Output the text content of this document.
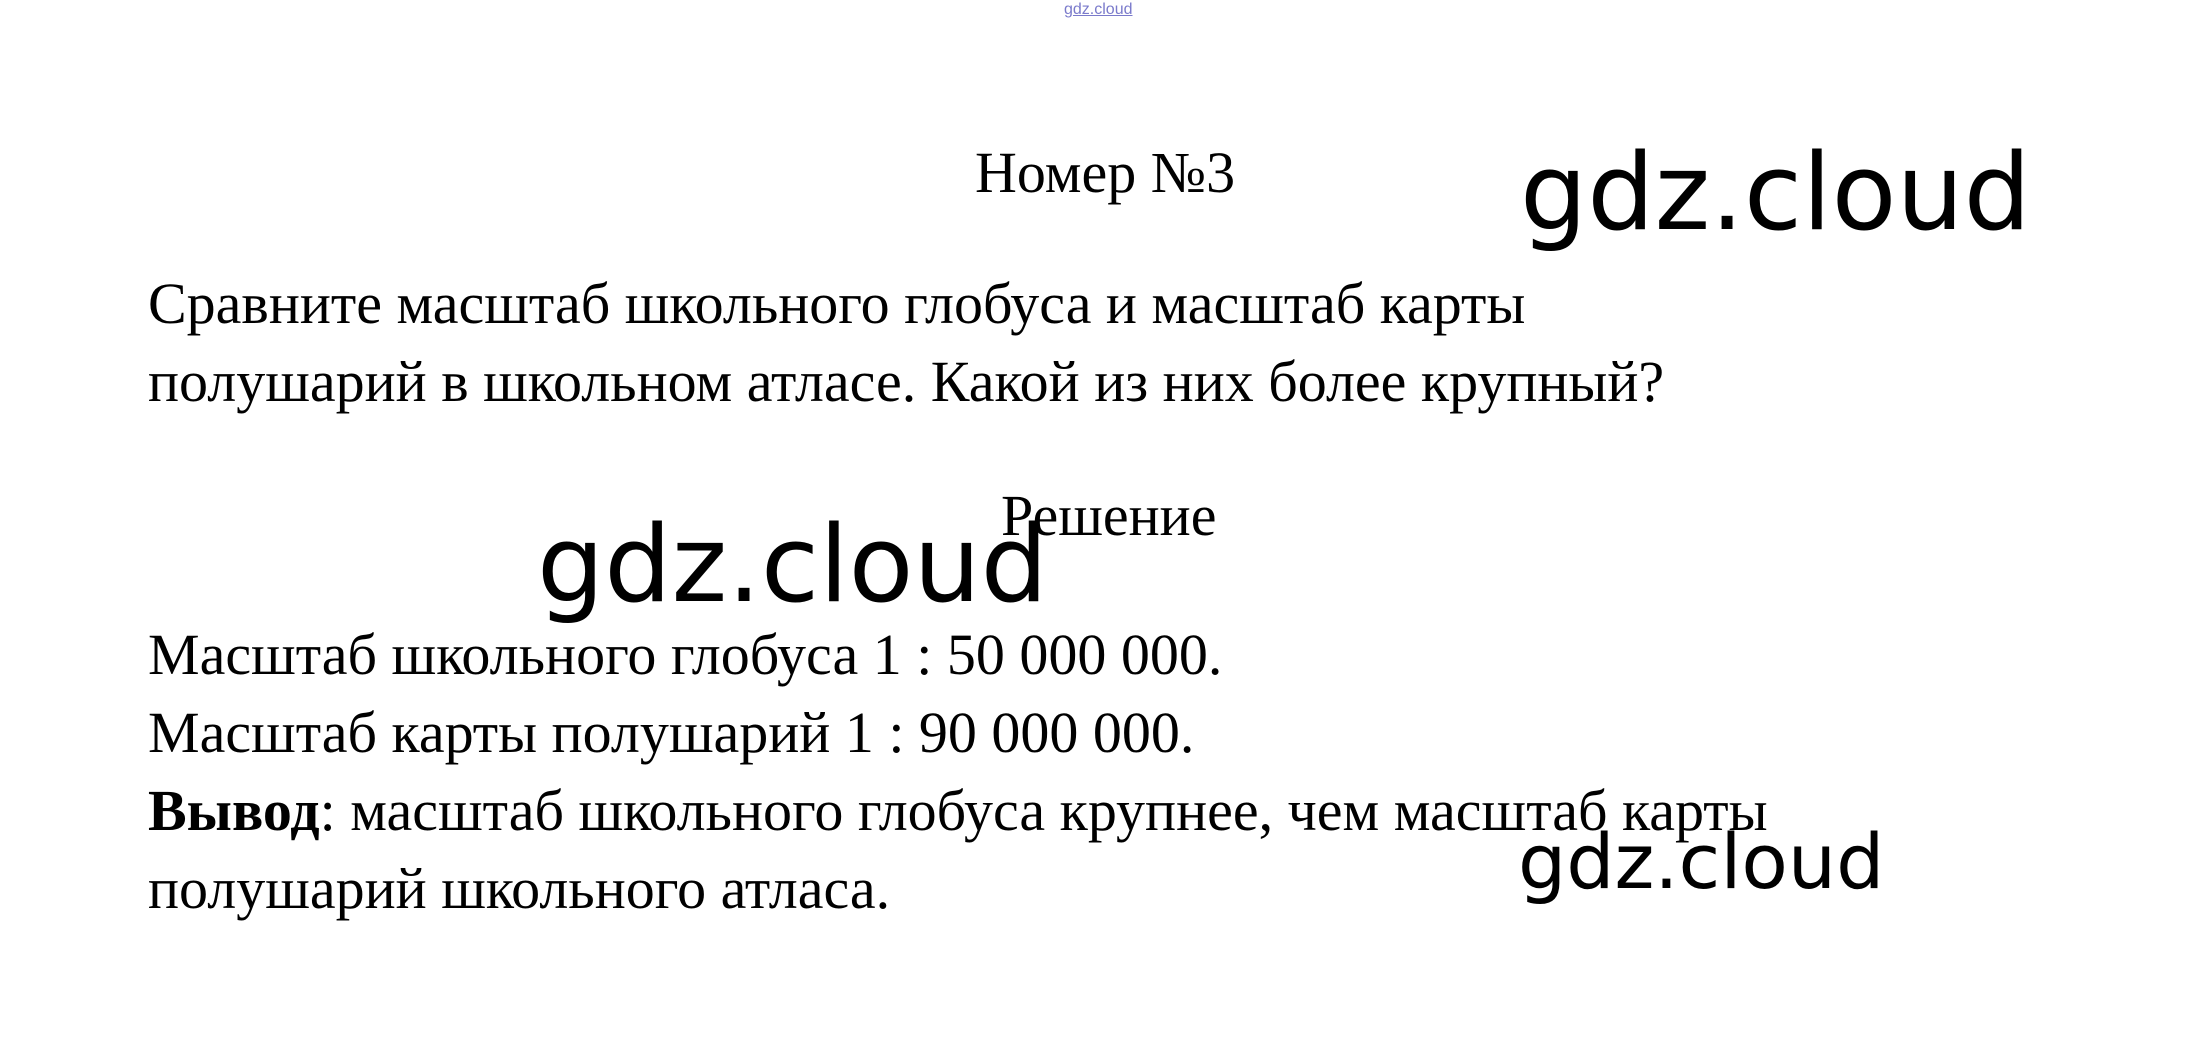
gdz.cloud
Номер №3
Сравните масштаб школьного глобуса и масштаб карты
полушарий в школьном атласе. Какой из них более крупный?
Решение
Масштаб школьного глобуса 1 : 50 000 000.
Масштаб карты полушарий 1 : 90 000 000.
Вывод: масштаб школьного глобуса крупнее, чем масштаб карты
полушарий школьного атласа.
gdz.cloud
gdz.cloud
gdz.cloud
